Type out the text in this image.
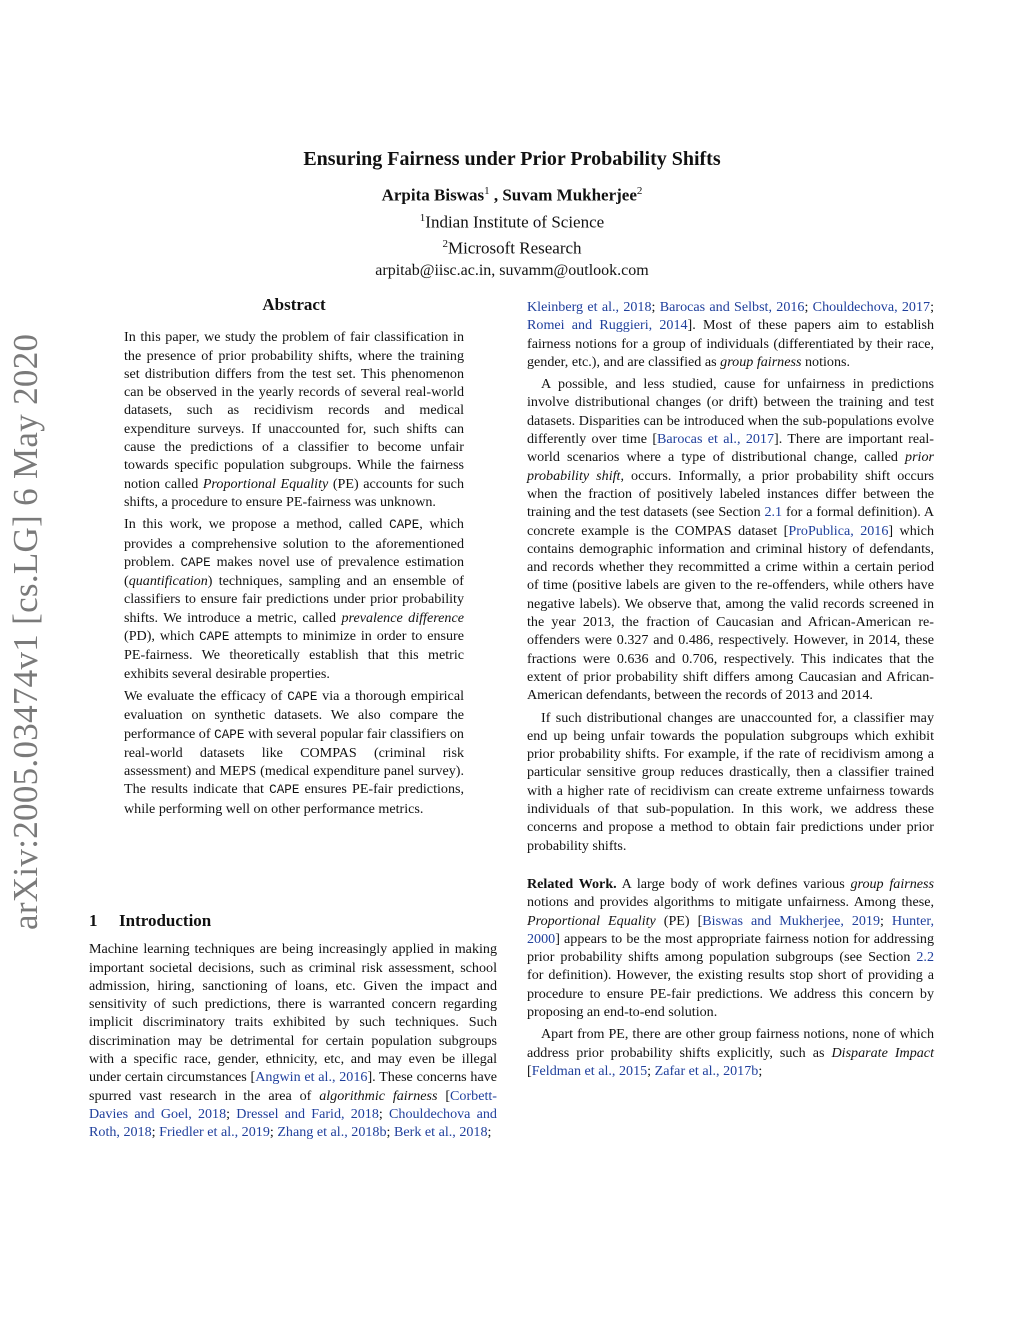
arXiv:2005.03474v1 [cs.LG] 6 May 2020
Ensuring Fairness under Prior Probability Shifts
Arpita Biswas$^1$ , Suvam Mukherjee$^2$
$^1$Indian Institute of Science
$^2$Microsoft Research
arpitab@iisc.ac.in, suvamm@outlook.com
Abstract

In this paper, we study the problem of fair classification in the presence of prior probability shifts, where the training set distribution differs from the test set. This phenomenon can be observed in the yearly records of several real-world datasets, such as recidivism records and medical expenditure surveys. If unaccounted for, such shifts can cause the predictions of a classifier to become unfair towards specific population subgroups. While the fairness notion called Proportional Equality (PE) accounts for such shifts, a procedure to ensure PE-fairness was unknown.

In this work, we propose a method, called CAPE, which provides a comprehensive solution to the aforementioned problem. CAPE makes novel use of prevalence estimation (quantification) techniques, sampling and an ensemble of classifiers to ensure fair predictions under prior probability shifts. We introduce a metric, called prevalence difference (PD), which CAPE attempts to minimize in order to ensure PE-fairness. We theoretically establish that this metric exhibits several desirable properties.

We evaluate the efficacy of CAPE via a thorough empirical evaluation on synthetic datasets. We also compare the performance of CAPE with several popular fair classifiers on real-world datasets like COMPAS (criminal risk assessment) and MEPS (medical expenditure panel survey). The results indicate that CAPE ensures PE-fair predictions, while performing well on other performance metrics.

1 Introduction

Machine learning techniques are being increasingly applied in making important societal decisions, such as criminal risk assessment, school admission, hiring, sanctioning of loans, etc. Given the impact and sensitivity of such predictions, there is warranted concern regarding implicit discriminatory traits exhibited by such techniques. Such discrimination may be detrimental for certain population subgroups with a specific race, gender, ethnicity, etc, and may even be illegal under certain circumstances [Angwin et al., 2016]. These concerns have spurred vast research in the area of algorithmic fairness [Corbett-Davies and Goel, 2018; Dressel and Farid, 2018; Chouldechova and Roth, 2018; Friedler et al., 2019; Zhang et al., 2018b; Berk et al., 2018;

Kleinberg et al., 2018; Barocas and Selbst, 2016; Chouldechova, 2017; Romei and Ruggieri, 2014]. Most of these papers aim to establish fairness notions for a group of individuals (differentiated by their race, gender, etc.), and are classified as group fairness notions.

A possible, and less studied, cause for unfairness in predictions involve distributional changes (or drift) between the training and test datasets. Disparities can be introduced when the sub-populations evolve differently over time [Barocas et al., 2017]. There are important real-world scenarios where a type of distributional change, called prior probability shift, occurs. Informally, a prior probability shift occurs when the fraction of positively labeled instances differ between the training and the test datasets (see Section 2.1 for a formal definition). A concrete example is the COMPAS dataset [ProPublica, 2016] which contains demographic information and criminal history of defendants, and records whether they recommitted a crime within a certain period of time (positive labels are given to the re-offenders, while others have negative labels). We observe that, among the valid records screened in the year 2013, the fraction of Caucasian and African-American re-offenders were 0.327 and 0.486, respectively. However, in 2014, these fractions were 0.636 and 0.706, respectively. This indicates that the extent of prior probability shift differs among Caucasian and African-American defendants, between the records of 2013 and 2014.

If such distributional changes are unaccounted for, a classifier may end up being unfair towards the population subgroups which exhibit prior probability shifts. For example, if the rate of recidivism among a particular sensitive group reduces drastically, then a classifier trained with a higher rate of recidivism can create extreme unfairness towards individuals of that sub-population. In this work, we address these concerns and propose a method to obtain fair predictions under prior probability shifts.

Related Work. A large body of work defines various group fairness notions and provides algorithms to mitigate unfairness. Among these, Proportional Equality (PE) [Biswas and Mukherjee, 2019; Hunter, 2000] appears to be the most appropriate fairness notion for addressing prior probability shifts among population subgroups (see Section 2.2 for definition). However, the existing results stop short of providing a procedure to ensure PE-fair predictions. We address this concern by proposing an end-to-end solution.

Apart from PE, there are other group fairness notions, none of which address prior probability shifts explicitly, such as Disparate Impact [Feldman et al., 2015; Zafar et al., 2017b;
